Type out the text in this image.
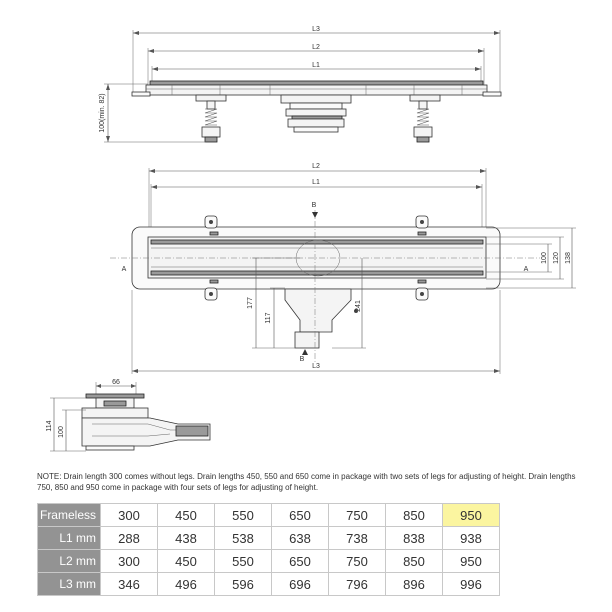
L3
L2
L1
100(min. 82)
L2
L1
A	A
B
B
100 120 138
177
117
241
L3
66
114
100
NOTE: Drain length 300 comes without legs. Drain lengths 450, 550 and 650 come in package with two sets of legs for adjusting of height. Drain lengths 750, 850 and 950 come in package with four sets of legs for adjusting of height.
Frameless	300	450	550	650	750	850	950
L1 mm	288	438	538	638	738	838	938
L2 mm	300	450	550	650	750	850	950
L3 mm	346	496	596	696	796	896	996
